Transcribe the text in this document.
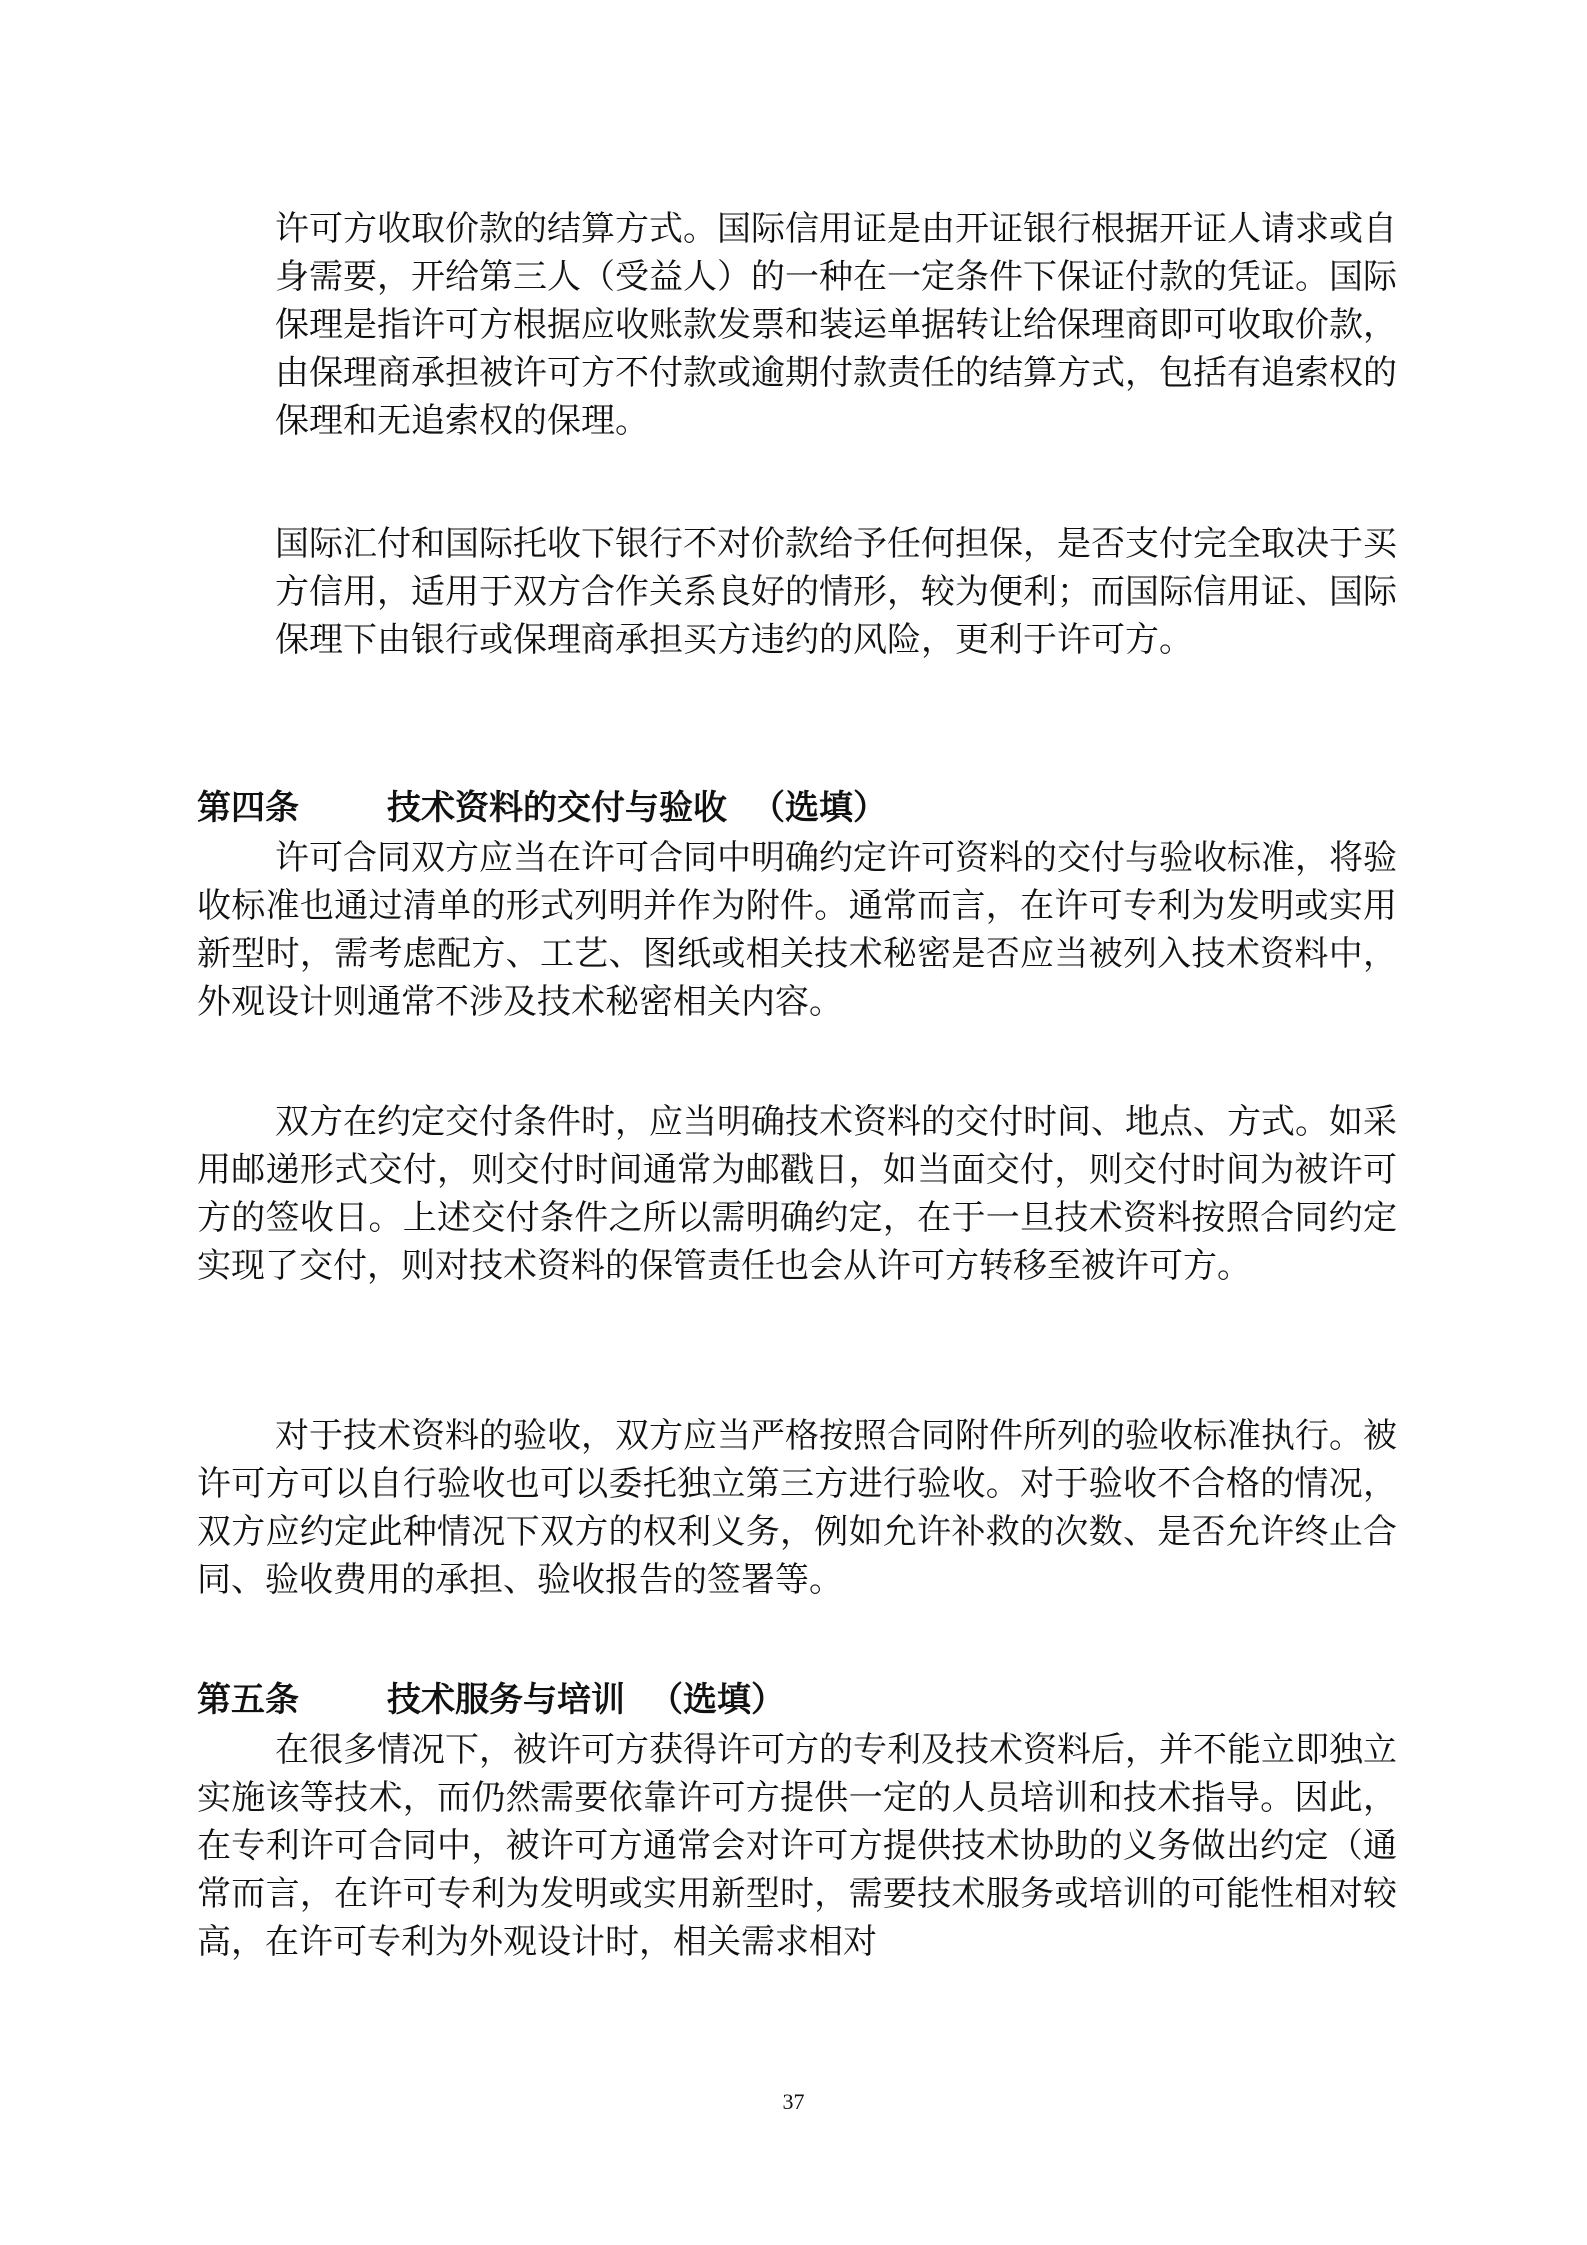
许可方收取价款的结算方式。国际信用证是由开证银行根据开证人请求或自身需要，开给第三人（受益人）的一种在一定条件下保证付款的凭证。国际保理是指许可方根据应收账款发票和装运单据转让给保理商即可收取价款，由保理商承担被许可方不付款或逾期付款责任的结算方式，包括有追索权的保理和无追索权的保理。

国际汇付和国际托收下银行不对价款给予任何担保，是否支付完全取决于买方信用，适用于双方合作关系良好的情形，较为便利；而国际信用证、国际保理下由银行或保理商承担买方违约的风险，更利于许可方。

第四条	技术资料的交付与验收 （选填）

许可合同双方应当在许可合同中明确约定许可资料的交付与验收标准，将验收标准也通过清单的形式列明并作为附件。通常而言，在许可专利为发明或实用新型时，需考虑配方、工艺、图纸或相关技术秘密是否应当被列入技术资料中，外观设计则通常不涉及技术秘密相关内容。

双方在约定交付条件时，应当明确技术资料的交付时间、地点、方式。如采用邮递形式交付，则交付时间通常为邮戳日，如当面交付，则交付时间为被许可方的签收日。上述交付条件之所以需明确约定，在于一旦技术资料按照合同约定实现了交付，则对技术资料的保管责任也会从许可方转移至被许可方。

对于技术资料的验收，双方应当严格按照合同附件所列的验收标准执行。被许可方可以自行验收也可以委托独立第三方进行验收。对于验收不合格的情况，双方应约定此种情况下双方的权利义务，例如允许补救的次数、是否允许终止合同、验收费用的承担、验收报告的签署等。

第五条	技术服务与培训 （选填）

在很多情况下，被许可方获得许可方的专利及技术资料后，并不能立即独立实施该等技术，而仍然需要依靠许可方提供一定的人员培训和技术指导。因此，在专利许可合同中，被许可方通常会对许可方提供技术协助的义务做出约定（通常而言，在许可专利为发明或实用新型时，需要技术服务或培训的可能性相对较高，在许可专利为外观设计时，相关需求相对

37
